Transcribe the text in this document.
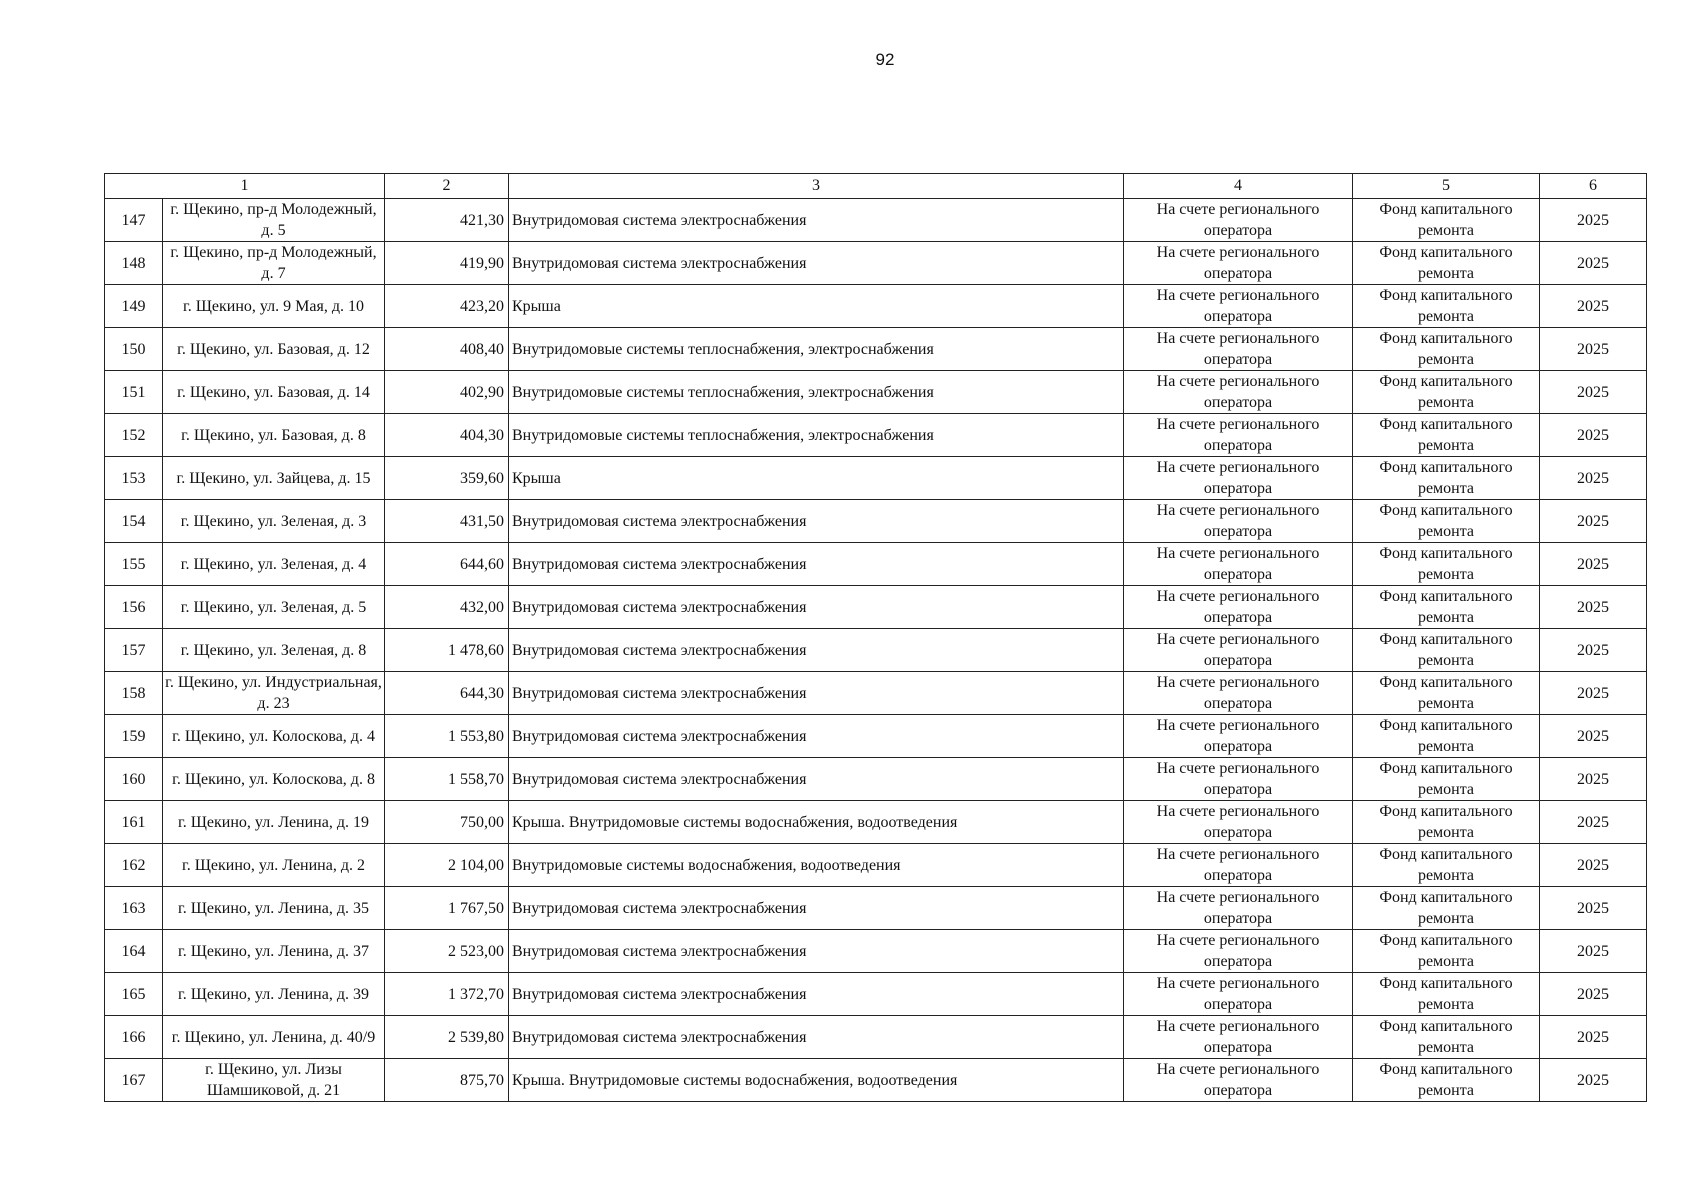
92
1		2	3	4	5	6
147	г. Щекино, пр-д Молодежный, д. 5	421,30	Внутридомовая система электроснабжения	На счете регионального оператора	Фонд капитального ремонта	2025
148	г. Щекино, пр-д Молодежный, д. 7	419,90	Внутридомовая система электроснабжения	На счете регионального оператора	Фонд капитального ремонта	2025
149	г. Щекино, ул. 9 Мая, д. 10	423,20	Крыша	На счете регионального оператора	Фонд капитального ремонта	2025
150	г. Щекино, ул. Базовая, д. 12	408,40	Внутридомовые системы теплоснабжения, электроснабжения	На счете регионального оператора	Фонд капитального ремонта	2025
151	г. Щекино, ул. Базовая, д. 14	402,90	Внутридомовые системы теплоснабжения, электроснабжения	На счете регионального оператора	Фонд капитального ремонта	2025
152	г. Щекино, ул. Базовая, д. 8	404,30	Внутридомовые системы теплоснабжения, электроснабжения	На счете регионального оператора	Фонд капитального ремонта	2025
153	г. Щекино, ул. Зайцева, д. 15	359,60	Крыша	На счете регионального оператора	Фонд капитального ремонта	2025
154	г. Щекино, ул. Зеленая, д. 3	431,50	Внутридомовая система электроснабжения	На счете регионального оператора	Фонд капитального ремонта	2025
155	г. Щекино, ул. Зеленая, д. 4	644,60	Внутридомовая система электроснабжения	На счете регионального оператора	Фонд капитального ремонта	2025
156	г. Щекино, ул. Зеленая, д. 5	432,00	Внутридомовая система электроснабжения	На счете регионального оператора	Фонд капитального ремонта	2025
157	г. Щекино, ул. Зеленая, д. 8	1 478,60	Внутридомовая система электроснабжения	На счете регионального оператора	Фонд капитального ремонта	2025
158	г. Щекино, ул. Индустриальная, д. 23	644,30	Внутридомовая система электроснабжения	На счете регионального оператора	Фонд капитального ремонта	2025
159	г. Щекино, ул. Колоскова, д. 4	1 553,80	Внутридомовая система электроснабжения	На счете регионального оператора	Фонд капитального ремонта	2025
160	г. Щекино, ул. Колоскова, д. 8	1 558,70	Внутридомовая система электроснабжения	На счете регионального оператора	Фонд капитального ремонта	2025
161	г. Щекино, ул. Ленина, д. 19	750,00	Крыша. Внутридомовые системы водоснабжения, водоотведения	На счете регионального оператора	Фонд капитального ремонта	2025
162	г. Щекино, ул. Ленина, д. 2	2 104,00	Внутридомовые системы водоснабжения, водоотведения	На счете регионального оператора	Фонд капитального ремонта	2025
163	г. Щекино, ул. Ленина, д. 35	1 767,50	Внутридомовая система электроснабжения	На счете регионального оператора	Фонд капитального ремонта	2025
164	г. Щекино, ул. Ленина, д. 37	2 523,00	Внутридомовая система электроснабжения	На счете регионального оператора	Фонд капитального ремонта	2025
165	г. Щекино, ул. Ленина, д. 39	1 372,70	Внутридомовая система электроснабжения	На счете регионального оператора	Фонд капитального ремонта	2025
166	г. Щекино, ул. Ленина, д. 40/9	2 539,80	Внутридомовая система электроснабжения	На счете регионального оператора	Фонд капитального ремонта	2025
167	г. Щекино, ул. Лизы Шамшиковой, д. 21	875,70	Крыша. Внутридомовые системы водоснабжения, водоотведения	На счете регионального оператора	Фонд капитального ремонта	2025
